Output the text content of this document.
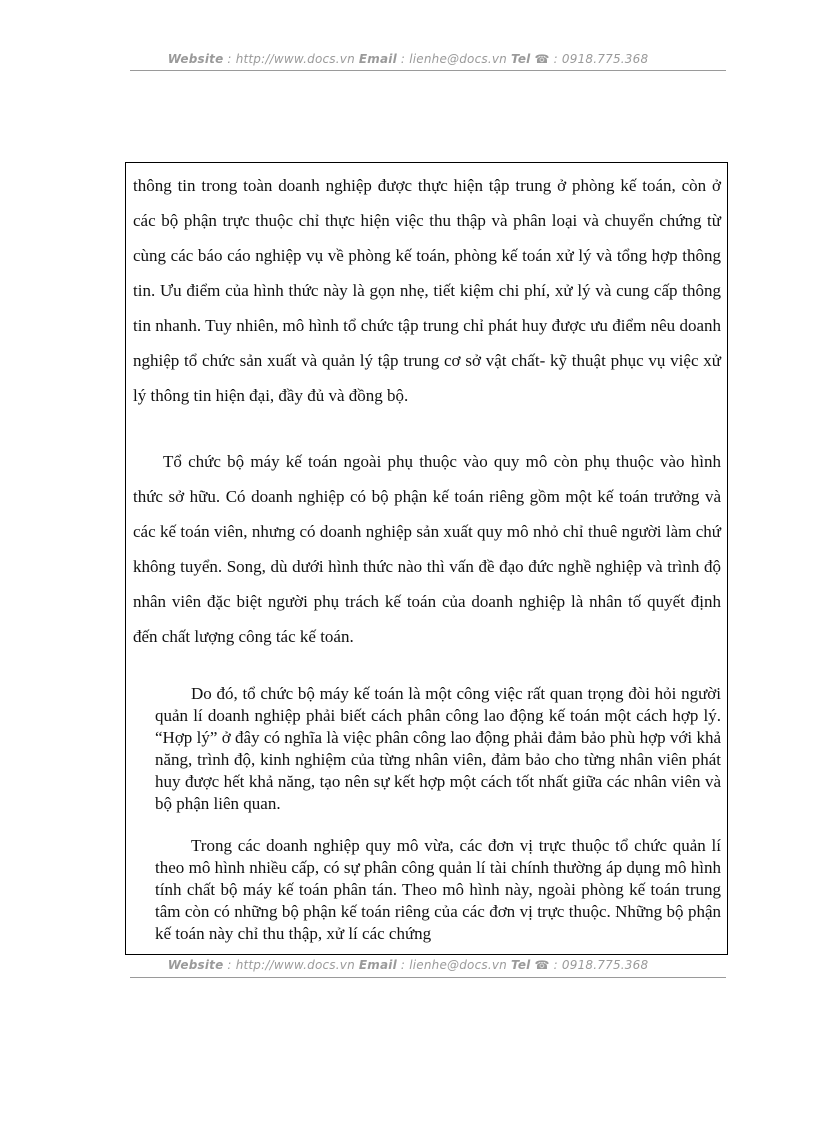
Website : http://www.docs.vn Email : lienhe@docs.vn Tel ☎ : 0918.775.368

thông tin trong toàn doanh nghiệp được thực hiện tập trung ở phòng kế toán, còn ở các bộ phận trực thuộc chỉ thực hiện việc thu thập và phân loại và chuyển chứng từ cùng các báo cáo nghiệp vụ về phòng kế toán, phòng kế toán xử lý và tổng hợp thông tin. Ưu điểm của hình thức này là gọn nhẹ, tiết kiệm chi phí, xử lý và cung cấp thông tin nhanh. Tuy nhiên, mô hình tổ chức tập trung chỉ phát huy được ưu điểm nêu doanh nghiệp tổ chức sản xuất và quản lý tập trung cơ sở vật chất- kỹ thuật phục vụ việc xử lý thông tin hiện đại, đầy đủ và đồng bộ.

Tổ chức bộ máy kế toán ngoài phụ thuộc vào quy mô còn phụ thuộc vào hình thức sở hữu. Có doanh nghiệp có bộ phận kế toán riêng gồm một kế toán trưởng và các kế toán viên, nhưng có doanh nghiệp sản xuất quy mô nhỏ chỉ thuê người làm chứ không tuyển. Song, dù dưới hình thức nào thì vấn đề đạo đức nghề nghiệp và trình độ nhân viên đặc biệt người phụ trách kế toán của doanh nghiệp là nhân tố quyết định đến chất lượng công tác kế toán.

Do đó, tổ chức bộ máy kế toán là một công việc rất quan trọng đòi hỏi người quản lí doanh nghiệp phải biết cách phân công lao động kế toán một cách hợp lý. “Hợp lý” ở đây có nghĩa là việc phân công lao động phải đảm bảo phù hợp với khả năng, trình độ, kinh nghiệm của từng nhân viên, đảm bảo cho từng nhân viên phát huy được hết khả năng, tạo nên sự kết hợp một cách tốt nhất giữa các nhân viên và bộ phận liên quan.

Trong các doanh nghiệp quy mô vừa, các đơn vị trực thuộc tổ chức quản lí theo mô hình nhiều cấp, có sự phân công quản lí tài chính thường áp dụng mô hình tính chất bộ máy kế toán phân tán. Theo mô hình này, ngoài phòng kế toán trung tâm còn có những bộ phận kế toán riêng của các đơn vị trực thuộc. Những bộ phận kế toán này chỉ thu thập, xử lí các chứng

Website : http://www.docs.vn Email : lienhe@docs.vn Tel ☎ : 0918.775.368
